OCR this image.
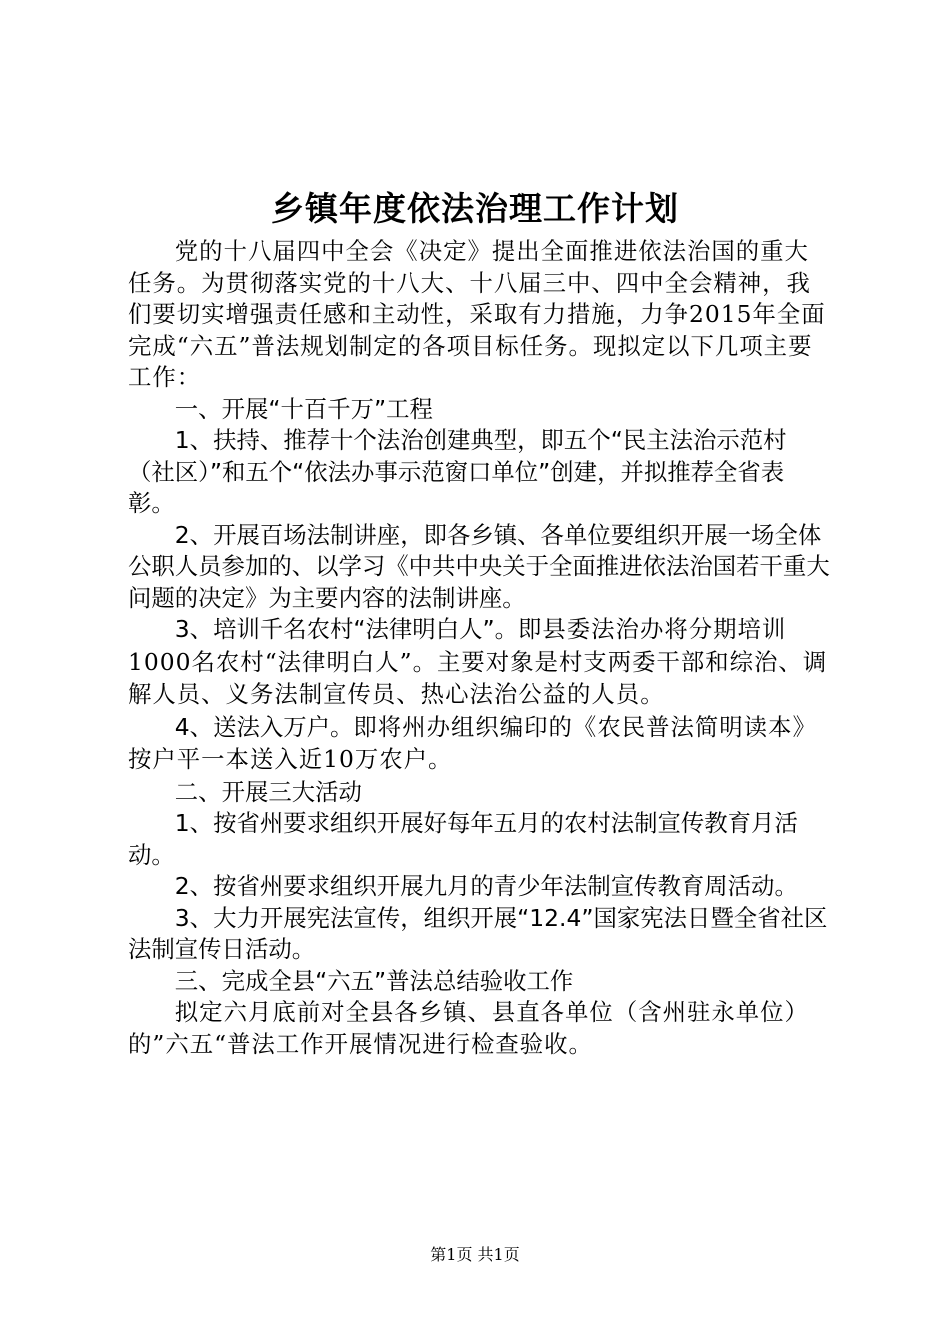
乡镇年度依法治理工作计划

党的十八届四中全会《决定》提出全面推进依法治国的重大任务。为贯彻落实党的十八大、十八届三中、四中全会精神，我们要切实增强责任感和主动性，采取有力措施，力争2015年全面完成“六五”普法规划制定的各项目标任务。现拟定以下几项主要工作：

一、开展“十百千万”工程

1、扶持、推荐十个法治创建典型，即五个“民主法治示范村（社区）”和五个“依法办事示范窗口单位”创建，并拟推荐全省表彰。

2、开展百场法制讲座，即各乡镇、各单位要组织开展一场全体公职人员参加的、以学习《中共中央关于全面推进依法治国若干重大问题的决定》为主要内容的法制讲座。

3、培训千名农村“法律明白人”。即县委法治办将分期培训1000名农村“法律明白人”。主要对象是村支两委干部和综治、调解人员、义务法制宣传员、热心法治公益的人员。

4、送法入万户。即将州办组织编印的《农民普法简明读本》按户平一本送入近10万农户。

二、开展三大活动

1、按省州要求组织开展好每年五月的农村法制宣传教育月活动。

2、按省州要求组织开展九月的青少年法制宣传教育周活动。

3、大力开展宪法宣传，组织开展“12.4”国家宪法日暨全省社区法制宣传日活动。

三、完成全县“六五”普法总结验收工作

拟定六月底前对全县各乡镇、县直各单位（含州驻永单位）的”六五“普法工作开展情况进行检查验收。

第1页 共1页
